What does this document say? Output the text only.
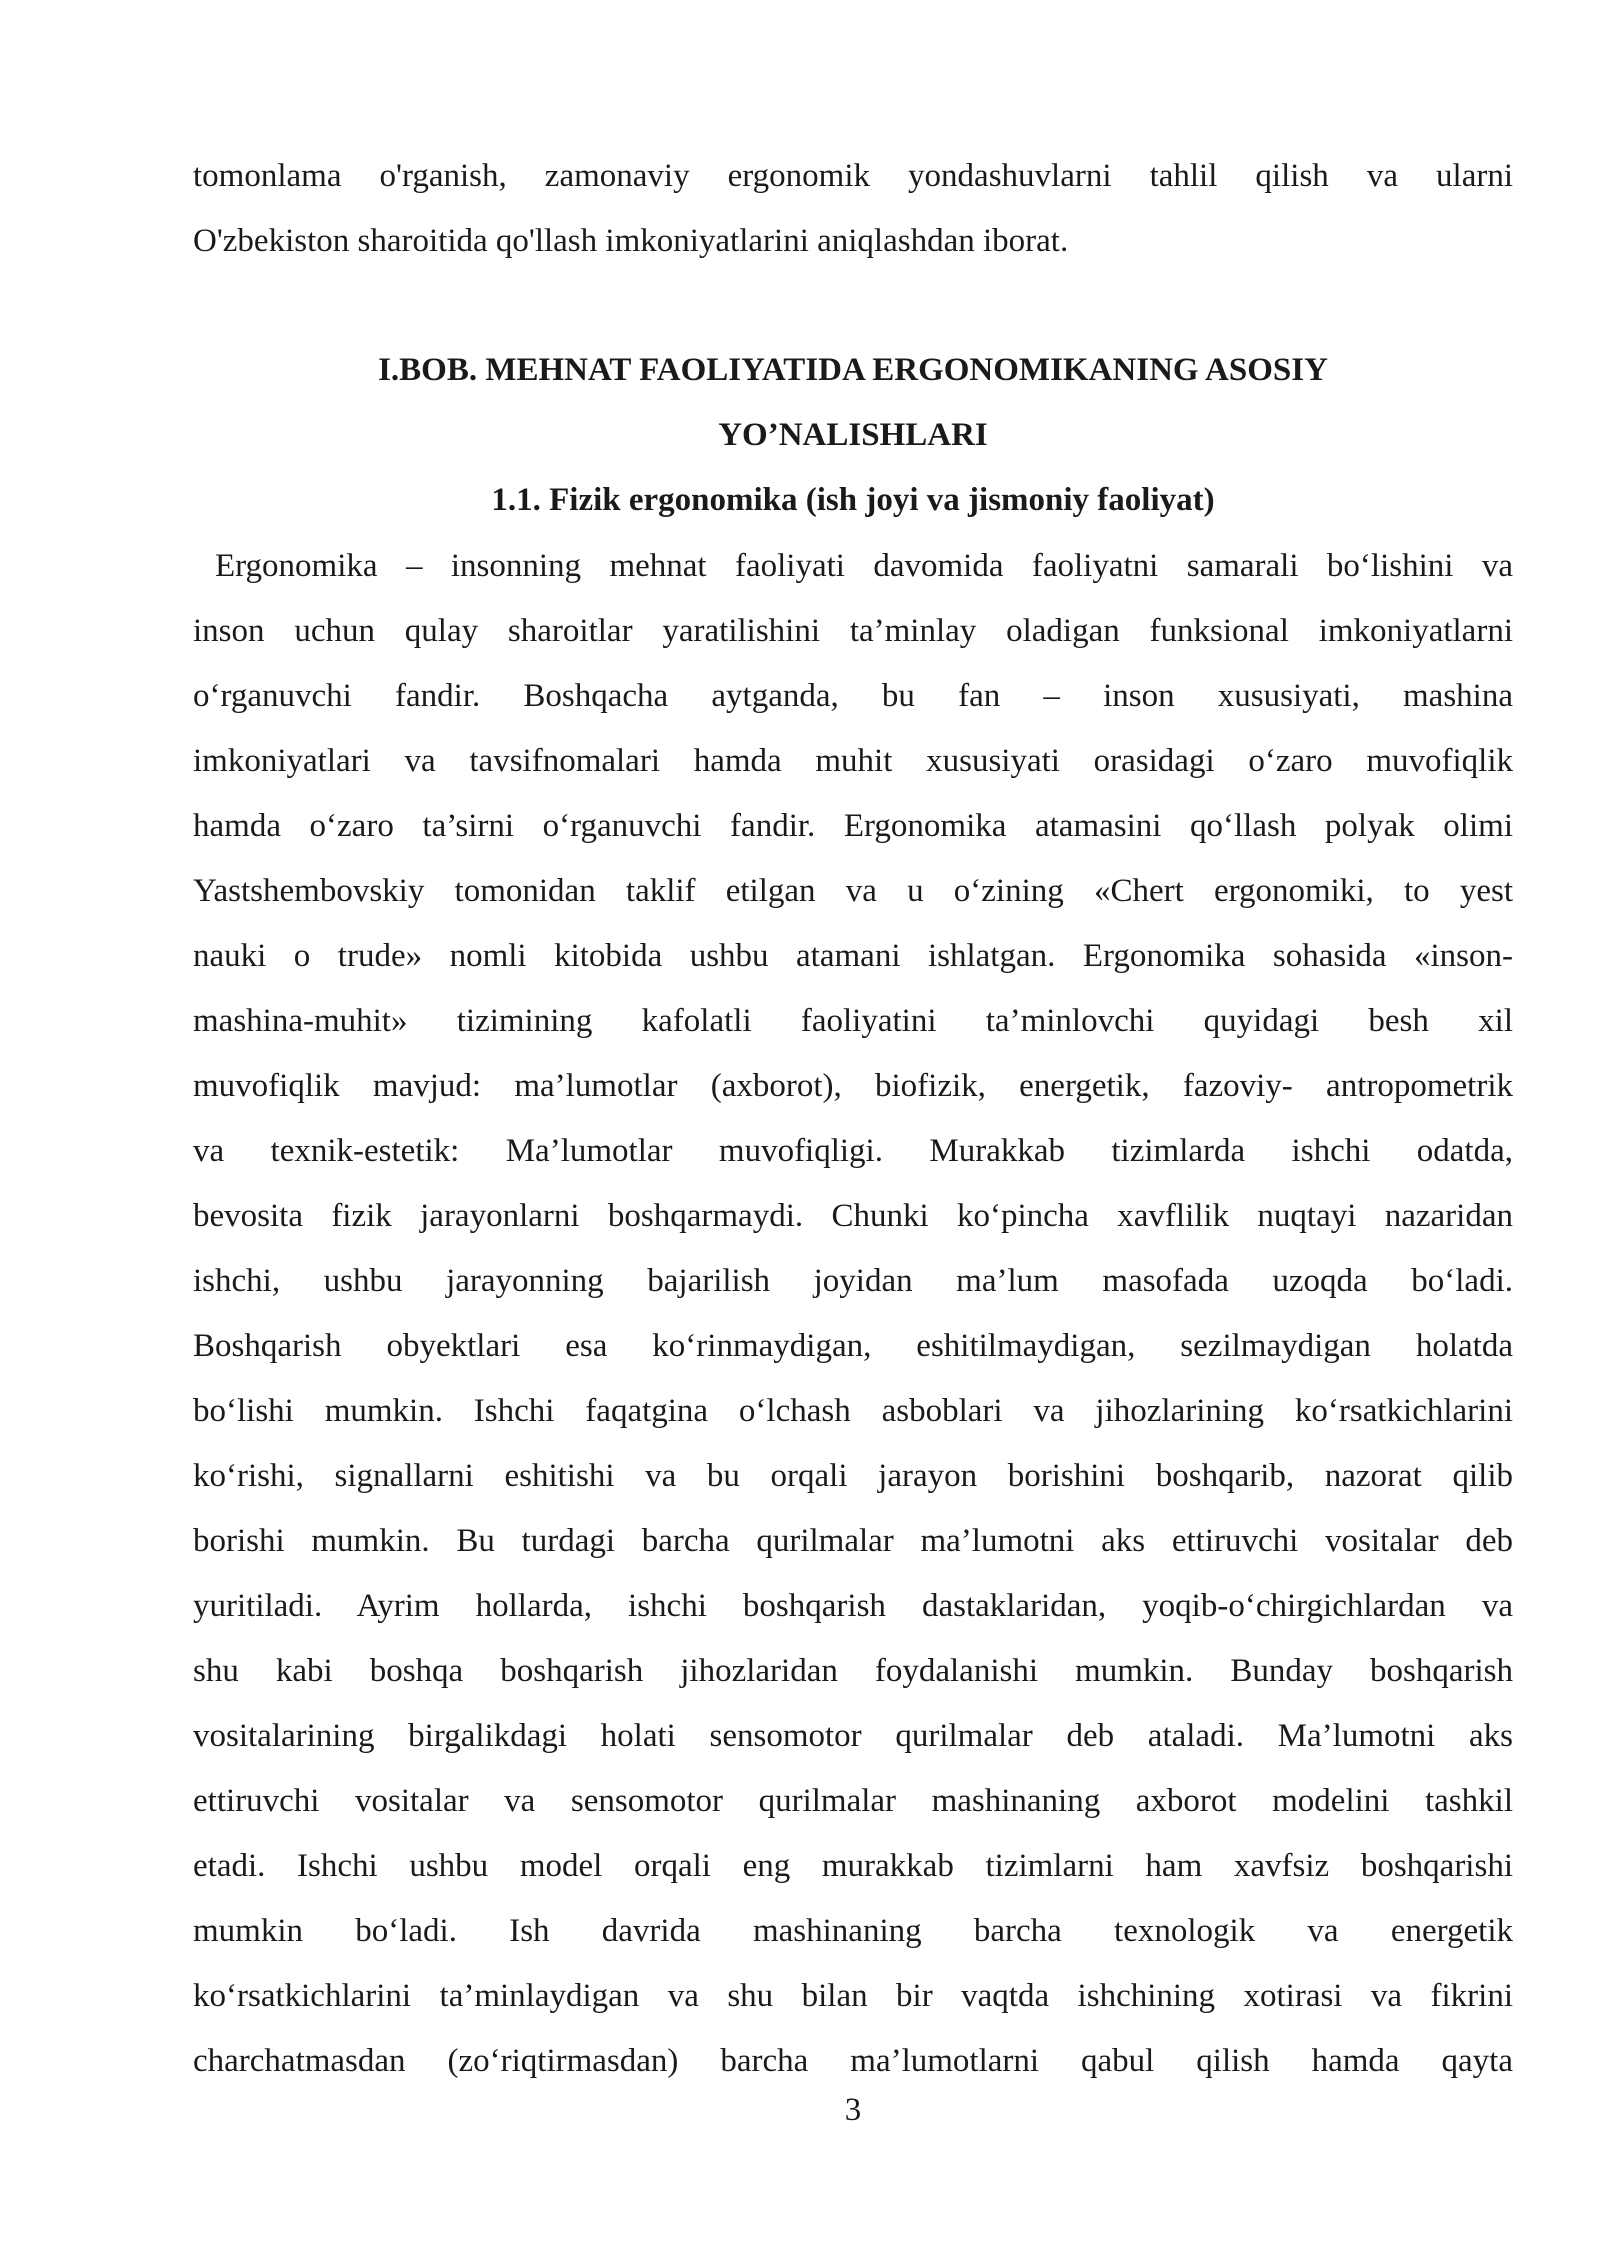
tomonlama o'rganish, zamonaviy ergonomik yondashuvlarni tahlil qilish va ularni
O'zbekiston sharoitida qo'llash imkoniyatlarini aniqlashdan iborat.
I.BOB. MEHNAT FAOLIYATIDA ERGONOMIKANING ASOSIY
YO’NALISHLARI
1.1. Fizik ergonomika (ish joyi va jismoniy faoliyat)
Ergonomika – insonning mehnat faoliyati davomida faoliyatni samarali bo‘lishini va
inson uchun qulay sharoitlar yaratilishini ta’minlay oladigan funksional imkoniyatlarni
o‘rganuvchi fandir. Boshqacha aytganda, bu fan – inson xususiyati, mashina
imkoniyatlari va tavsifnomalari hamda muhit xususiyati orasidagi o‘zaro muvofiqlik
hamda o‘zaro ta’sirni o‘rganuvchi fandir. Ergonomika atamasini qo‘llash polyak olimi
Yastshembovskiy tomonidan taklif etilgan va u o‘zining «Chert ergonomiki, to yest
nauki o trude» nomli kitobida ushbu atamani ishlatgan. Ergonomika sohasida «inson-
mashina-muhit» tizimining kafolatli faoliyatini ta’minlovchi quyidagi besh xil
muvofiqlik mavjud: ma’lumotlar (axborot), biofizik, energetik, fazoviy- antropometrik
va texnik-estetik: Ma’lumotlar muvofiqligi. Murakkab tizimlarda ishchi odatda,
bevosita fizik jarayonlarni boshqarmaydi. Chunki ko‘pincha xavflilik nuqtayi nazaridan
ishchi, ushbu jarayonning bajarilish joyidan ma’lum masofada uzoqda bo‘ladi.
Boshqarish obyektlari esa ko‘rinmaydigan, eshitilmaydigan, sezilmaydigan holatda
bo‘lishi mumkin. Ishchi faqatgina o‘lchash asboblari va jihozlarining ko‘rsatkichlarini
ko‘rishi, signallarni eshitishi va bu orqali jarayon borishini boshqarib, nazorat qilib
borishi mumkin. Bu turdagi barcha qurilmalar ma’lumotni aks ettiruvchi vositalar deb
yuritiladi. Ayrim hollarda, ishchi boshqarish dastaklaridan, yoqib-o‘chirgichlardan va
shu kabi boshqa boshqarish jihozlaridan foydalanishi mumkin. Bunday boshqarish
vositalarining birgalikdagi holati sensomotor qurilmalar deb ataladi. Ma’lumotni aks
ettiruvchi vositalar va sensomotor qurilmalar mashinaning axborot modelini tashkil
etadi. Ishchi ushbu model orqali eng murakkab tizimlarni ham xavfsiz boshqarishi
mumkin bo‘ladi. Ish davrida mashinaning barcha texnologik va energetik
ko‘rsatkichlarini ta’minlaydigan va shu bilan bir vaqtda ishchining xotirasi va fikrini
charchatmasdan (zo‘riqtirmasdan) barcha ma’lumotlarni qabul qilish hamda qayta
3
